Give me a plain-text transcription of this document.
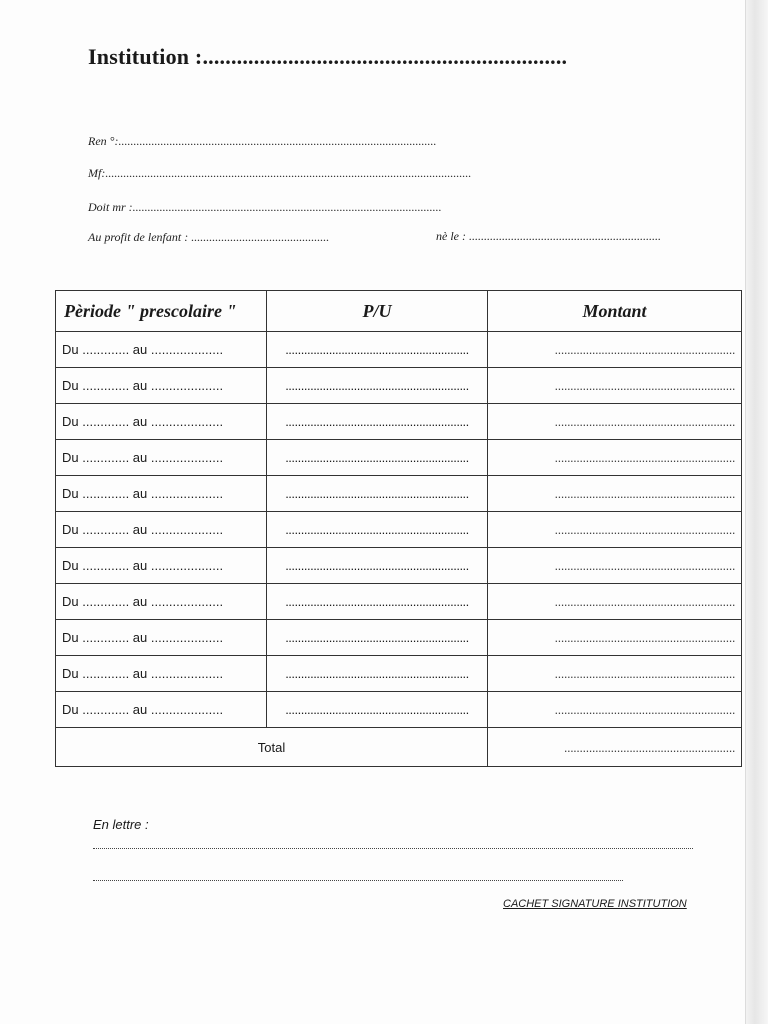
Institution :................................................................
Ren °:..........................................................................................................
Mf:..........................................................................................................................
Doit mr :.......................................................................................................
Au profit de lenfant : ..............................................	nè le : ................................................................
Pèriode " prescolaire "	P/U	Montant
Du ............. au ....................	...........................................................	..........................................................
Du ............. au ....................	...........................................................	..........................................................
Du ............. au ....................	...........................................................	..........................................................
Du ............. au ....................	...........................................................	..........................................................
Du ............. au ....................	...........................................................	..........................................................
Du ............. au ....................	...........................................................	..........................................................
Du ............. au ....................	...........................................................	..........................................................
Du ............. au ....................	...........................................................	..........................................................
Du ............. au ....................	...........................................................	..........................................................
Du ............. au ....................	...........................................................	..........................................................
Du ............. au ....................	...........................................................	..........................................................
Total		.......................................................
En lettre :
CACHET SIGNATURE INSTITUTION
